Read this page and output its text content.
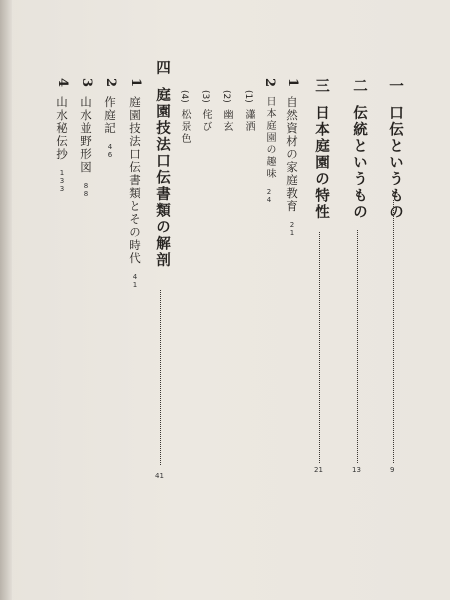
一口伝というもの
9
二伝統というもの
13
三日本庭園の特性
21
1自然資材の家庭教育21
2日本庭園の趣味24
(1)瀟洒
(2)幽玄
(3)侘び
(4)松景色
四庭園技法口伝書類の解剖
41
1庭園技法口伝書類とその時代41
2作庭記46
3山水並野形図88
4山水秘伝抄133
